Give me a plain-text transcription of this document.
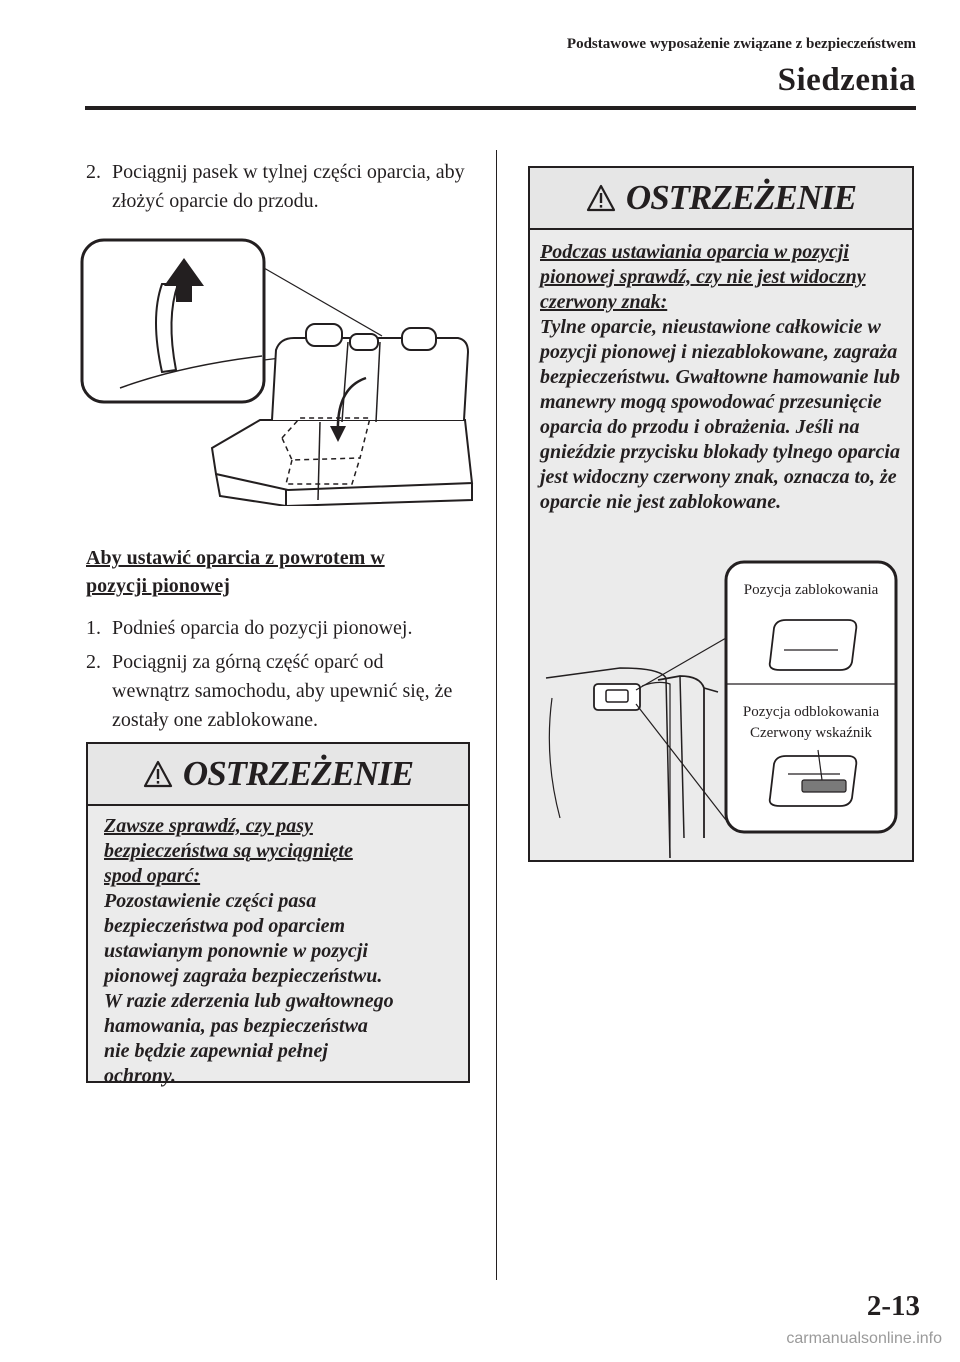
Podstawowe wyposażenie związane z bezpieczeństwem
Siedzenia
2. Pociągnij pasek w tylnej części oparcia, aby złożyć oparcie do przodu.
Aby ustawić oparcia z powrotem w pozycji pionowej
1. Podnieś oparcia do pozycji pionowej.
2. Pociągnij za górną część oparć od wewnątrz samochodu, aby upewnić się, że zostały one zablokowane.
OSTRZEŻENIE
Zawsze sprawdź, czy pasy bezpieczeństwa są wyciągnięte spod oparć:
Pozostawienie części pasa bezpieczeństwa pod oparciem ustawianym ponownie w pozycji pionowej zagraża bezpieczeństwu. W razie zderzenia lub gwałtownego hamowania, pas bezpieczeństwa nie będzie zapewniał pełnej ochrony.
OSTRZEŻENIE
Podczas ustawiania oparcia w pozycji pionowej sprawdź, czy nie jest widoczny czerwony znak:
Tylne oparcie, nieustawione całkowicie w pozycji pionowej i niezablokowane, zagraża bezpieczeństwu. Gwałtowne hamowanie lub manewry mogą spowodować przesunięcie oparcia do przodu i obrażenia. Jeśli na gnieździe przycisku blokady tylnego oparcia jest widoczny czerwony znak, oznacza to, że oparcie nie jest zablokowane.
Pozycja zablokowania
Pozycja odblokowania
Czerwony wskaźnik
2-13
carmanualsonline.info
